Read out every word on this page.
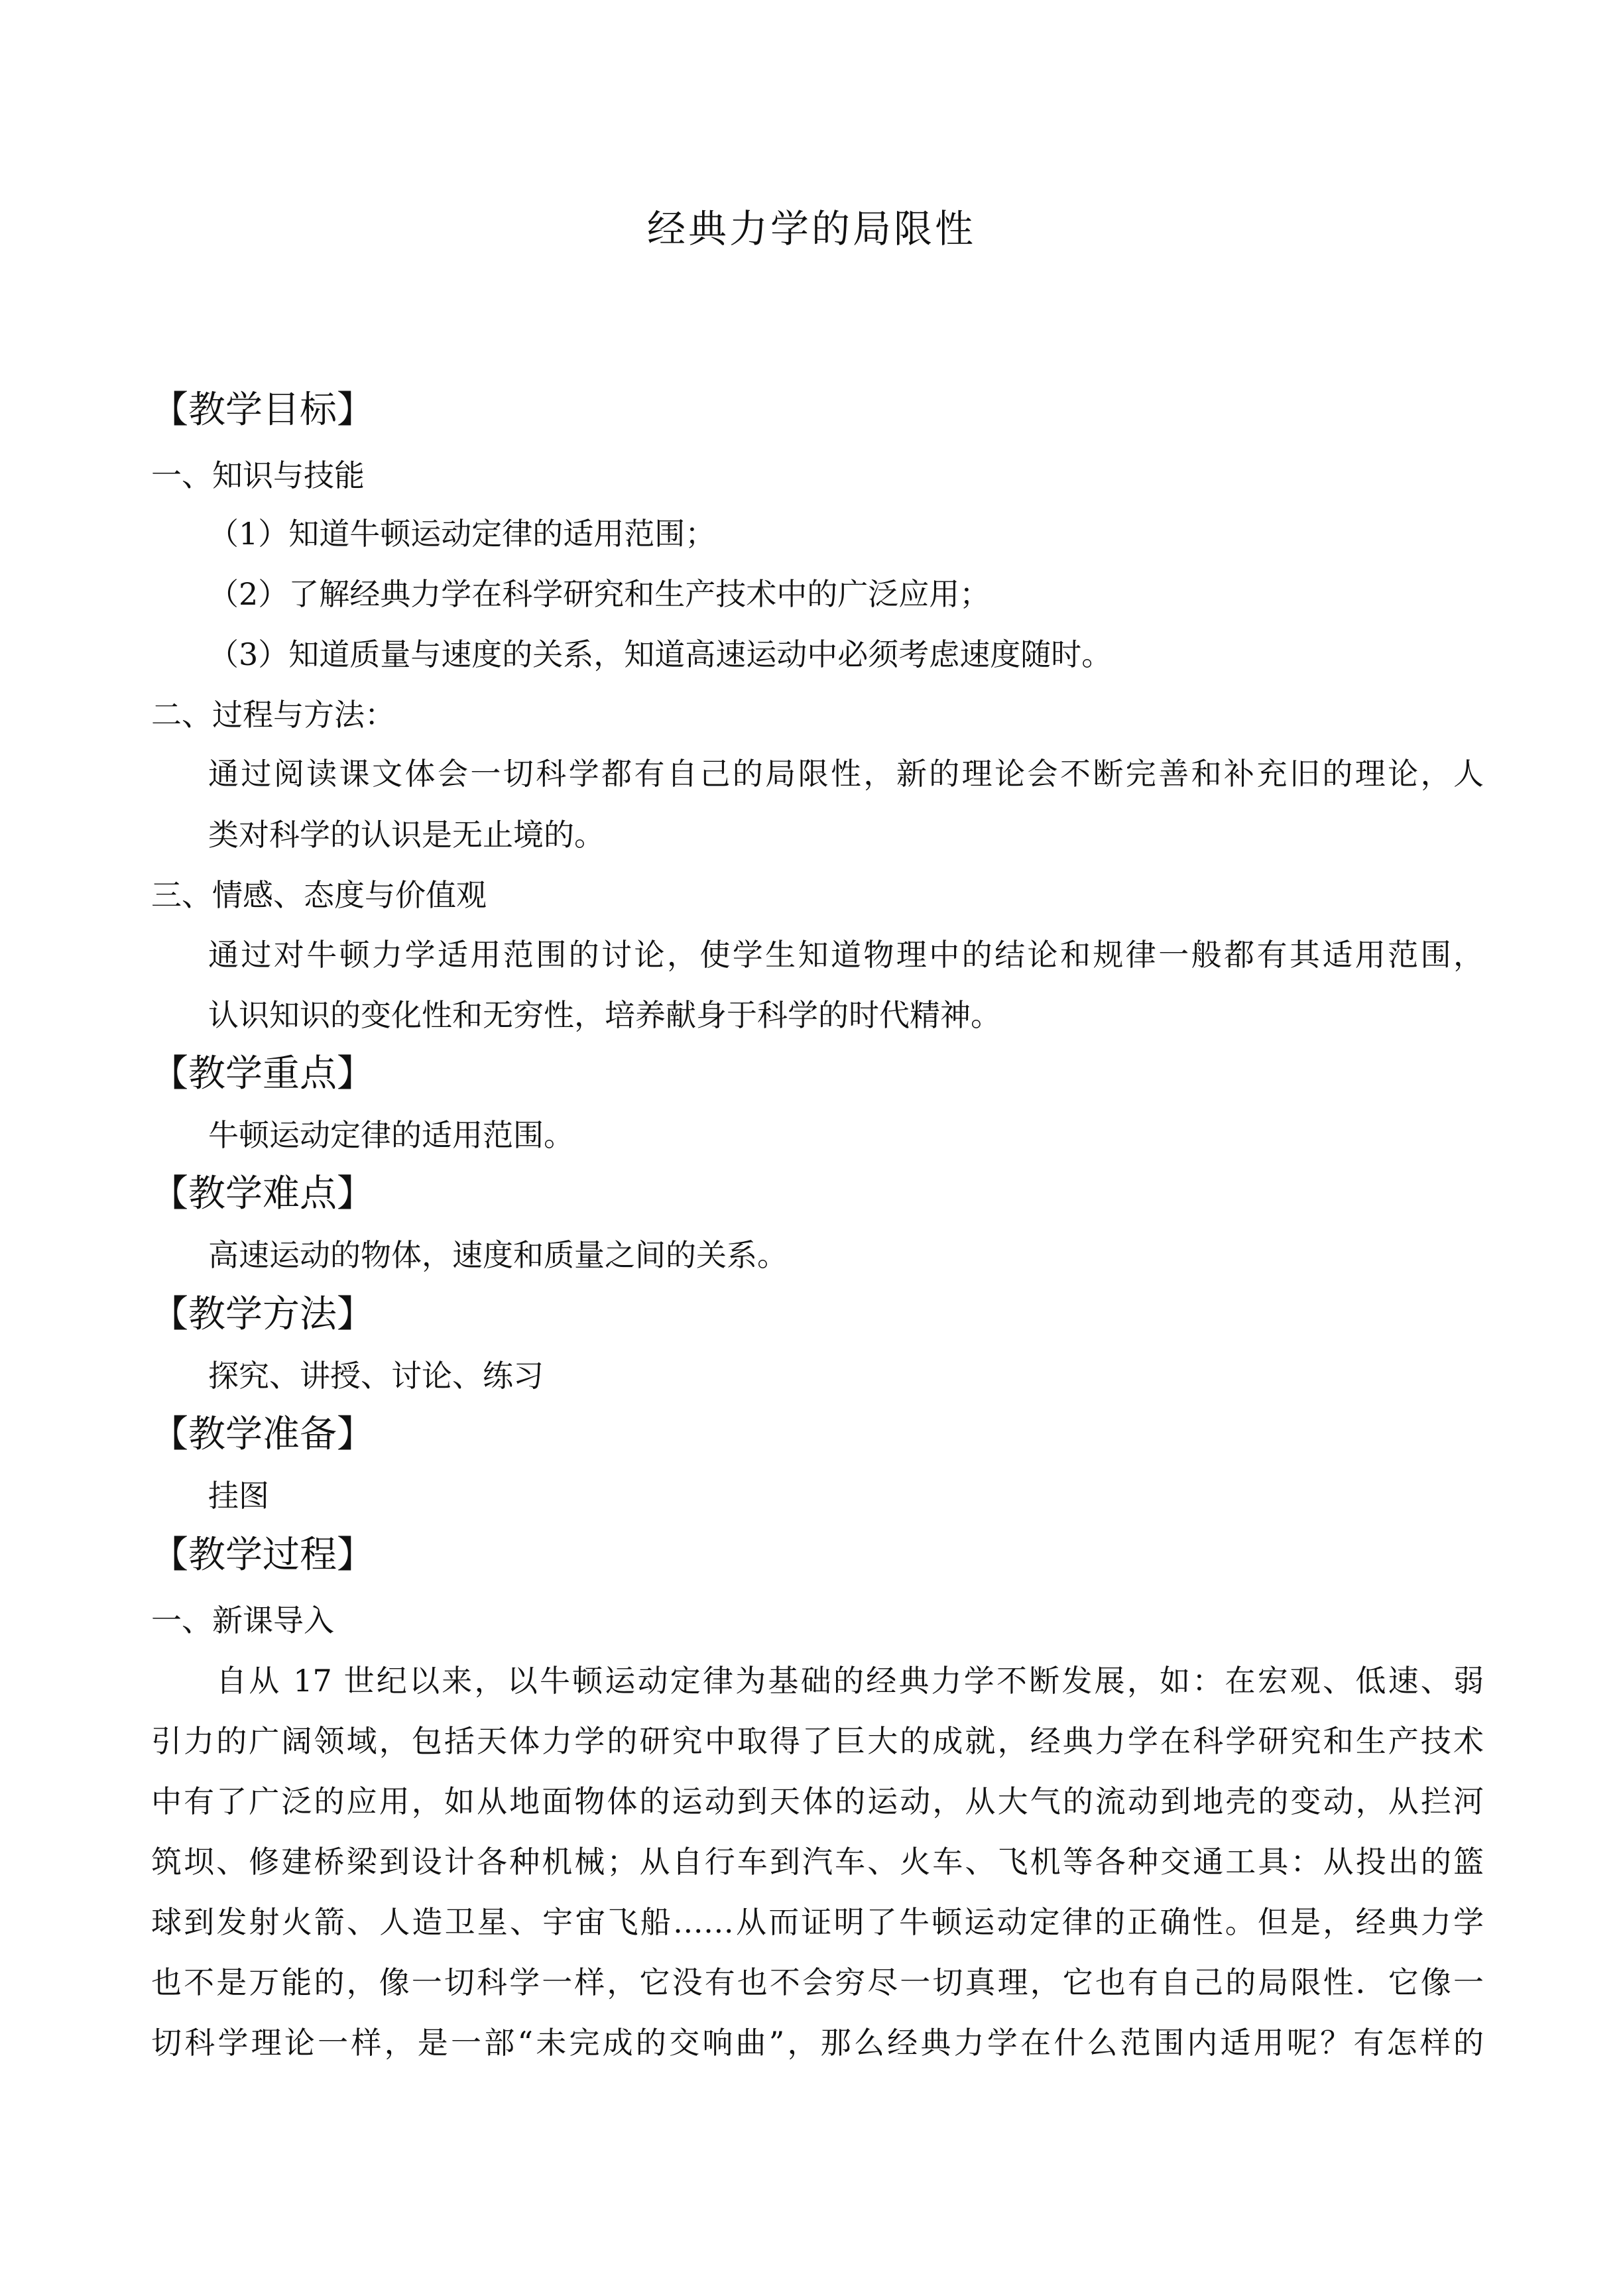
经典力学的局限性
【教学目标】
一、知识与技能
（1）知道牛顿运动定律的适用范围；
（2）了解经典力学在科学研究和生产技术中的广泛应用；
（3）知道质量与速度的关系，知道高速运动中必须考虑速度随时。
二、过程与方法：
通过阅读课文体会一切科学都有自己的局限性，新的理论会不断完善和补充旧的理论，人
类对科学的认识是无止境的。
三、情感、态度与价值观
通过对牛顿力学适用范围的讨论，使学生知道物理中的结论和规律一般都有其适用范围，
认识知识的变化性和无穷性，培养献身于科学的时代精神。
【教学重点】
牛顿运动定律的适用范围。
【教学难点】
高速运动的物体，速度和质量之间的关系。
【教学方法】
探究、讲授、讨论、练习
【教学准备】
挂图
【教学过程】
一、新课导入
自从 17 世纪以来，以牛顿运动定律为基础的经典力学不断发展，如：在宏观、低速、弱
引力的广阔领域，包括天体力学的研究中取得了巨大的成就，经典力学在科学研究和生产技术
中有了广泛的应用，如从地面物体的运动到天体的运动，从大气的流动到地壳的变动，从拦河
筑坝、修建桥梁到设计各种机械；从自行车到汽车、火车、飞机等各种交通工具：从投出的篮
球到发射火箭、人造卫星、宇宙飞船……从而证明了牛顿运动定律的正确性。但是，经典力学
也不是万能的，像一切科学一样，它没有也不会穷尽一切真理，它也有自己的局限性．它像一
切科学理论一样，是一部“未完成的交响曲”，那么经典力学在什么范围内适用呢？有怎样的
